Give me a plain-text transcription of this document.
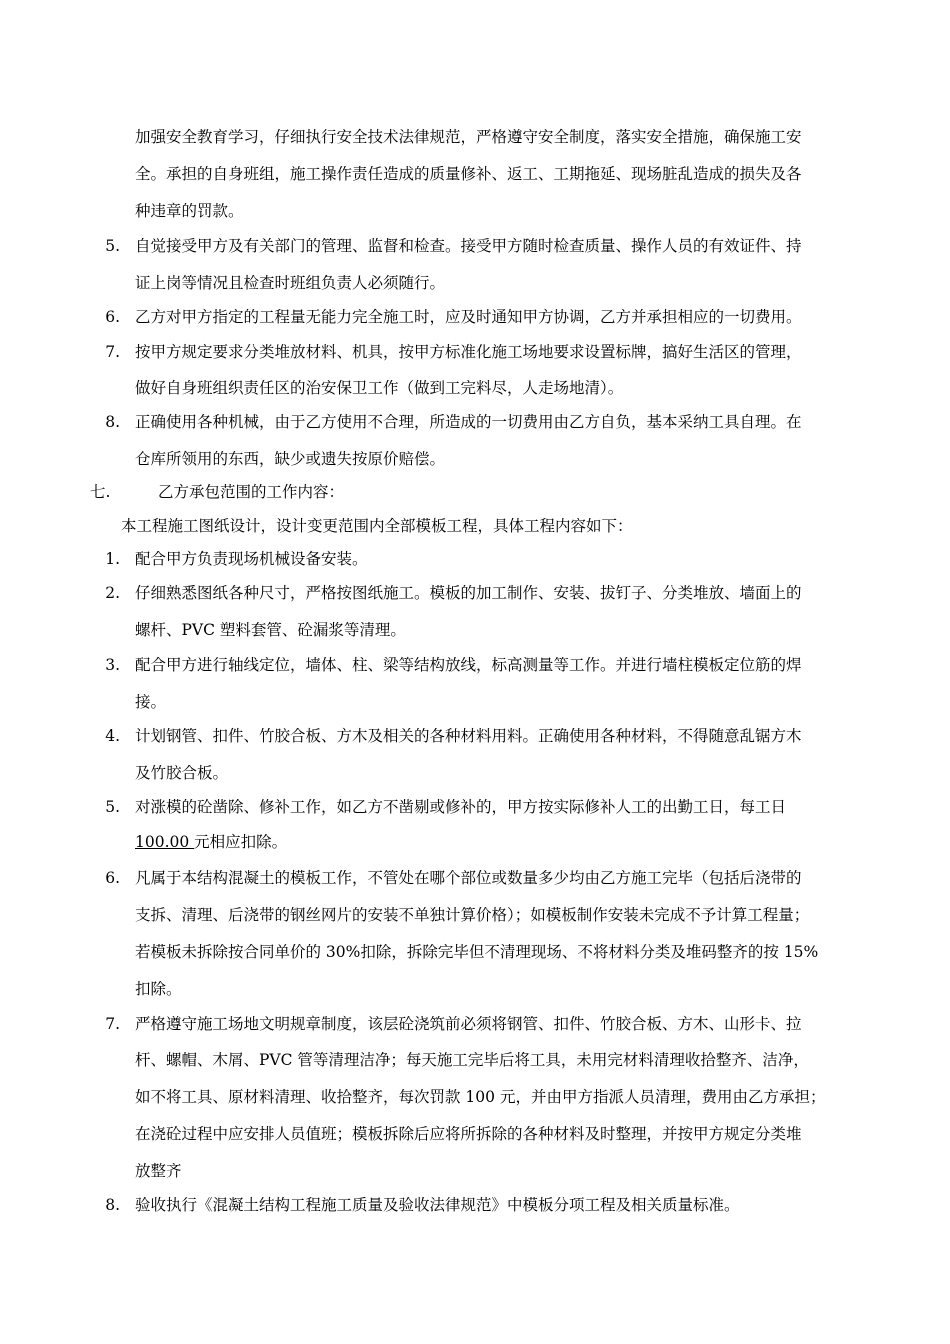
加强安全教育学习，仔细执行安全技术法律规范，严格遵守安全制度，落实安全措施，确保施工安
全。承担的自身班组，施工操作责任造成的质量修补、返工、工期拖延、现场脏乱造成的损失及各
种违章的罚款。
5. 自觉接受甲方及有关部门的管理、监督和检查。接受甲方随时检查质量、操作人员的有效证件、持
证上岗等情况且检查时班组负责人必须随行。
6. 乙方对甲方指定的工程量无能力完全施工时，应及时通知甲方协调，乙方并承担相应的一切费用。
7. 按甲方规定要求分类堆放材料、机具，按甲方标准化施工场地要求设置标牌，搞好生活区的管理，
做好自身班组织责任区的治安保卫工作（做到工完料尽，人走场地清）。
8. 正确使用各种机械，由于乙方使用不合理，所造成的一切费用由乙方自负，基本采纳工具自理。在
仓库所领用的东西，缺少或遗失按原价赔偿。
七.	乙方承包范围的工作内容：
本工程施工图纸设计，设计变更范围内全部模板工程，具体工程内容如下：
1. 配合甲方负责现场机械设备安装。
2. 仔细熟悉图纸各种尺寸，严格按图纸施工。模板的加工制作、安装、拔钉子、分类堆放、墙面上的
螺杆、PVC 塑料套管、砼漏浆等清理。
3. 配合甲方进行轴线定位，墙体、柱、梁等结构放线，标高测量等工作。并进行墙柱模板定位筋的焊
接。
4. 计划钢管、扣件、竹胶合板、方木及相关的各种材料用料。正确使用各种材料，不得随意乱锯方木
及竹胶合板。
5. 对涨模的砼凿除、修补工作，如乙方不凿剔或修补的，甲方按实际修补人工的出勤工日，每工日
100.00 元相应扣除。
6. 凡属于本结构混凝土的模板工作，不管处在哪个部位或数量多少均由乙方施工完毕（包括后浇带的
支拆、清理、后浇带的钢丝网片的安装不单独计算价格）；如模板制作安装未完成不予计算工程量；
若模板未拆除按合同单价的 30%扣除，拆除完毕但不清理现场、不将材料分类及堆码整齐的按 15%
扣除。
7. 严格遵守施工场地文明规章制度，该层砼浇筑前必须将钢管、扣件、竹胶合板、方木、山形卡、拉
杆、螺帽、木屑、PVC 管等清理洁净；每天施工完毕后将工具，未用完材料清理收拾整齐、洁净，
如不将工具、原材料清理、收拾整齐，每次罚款 100 元，并由甲方指派人员清理，费用由乙方承担；
在浇砼过程中应安排人员值班；模板拆除后应将所拆除的各种材料及时整理，并按甲方规定分类堆
放整齐
8. 验收执行《混凝土结构工程施工质量及验收法律规范》中模板分项工程及相关质量标准。
